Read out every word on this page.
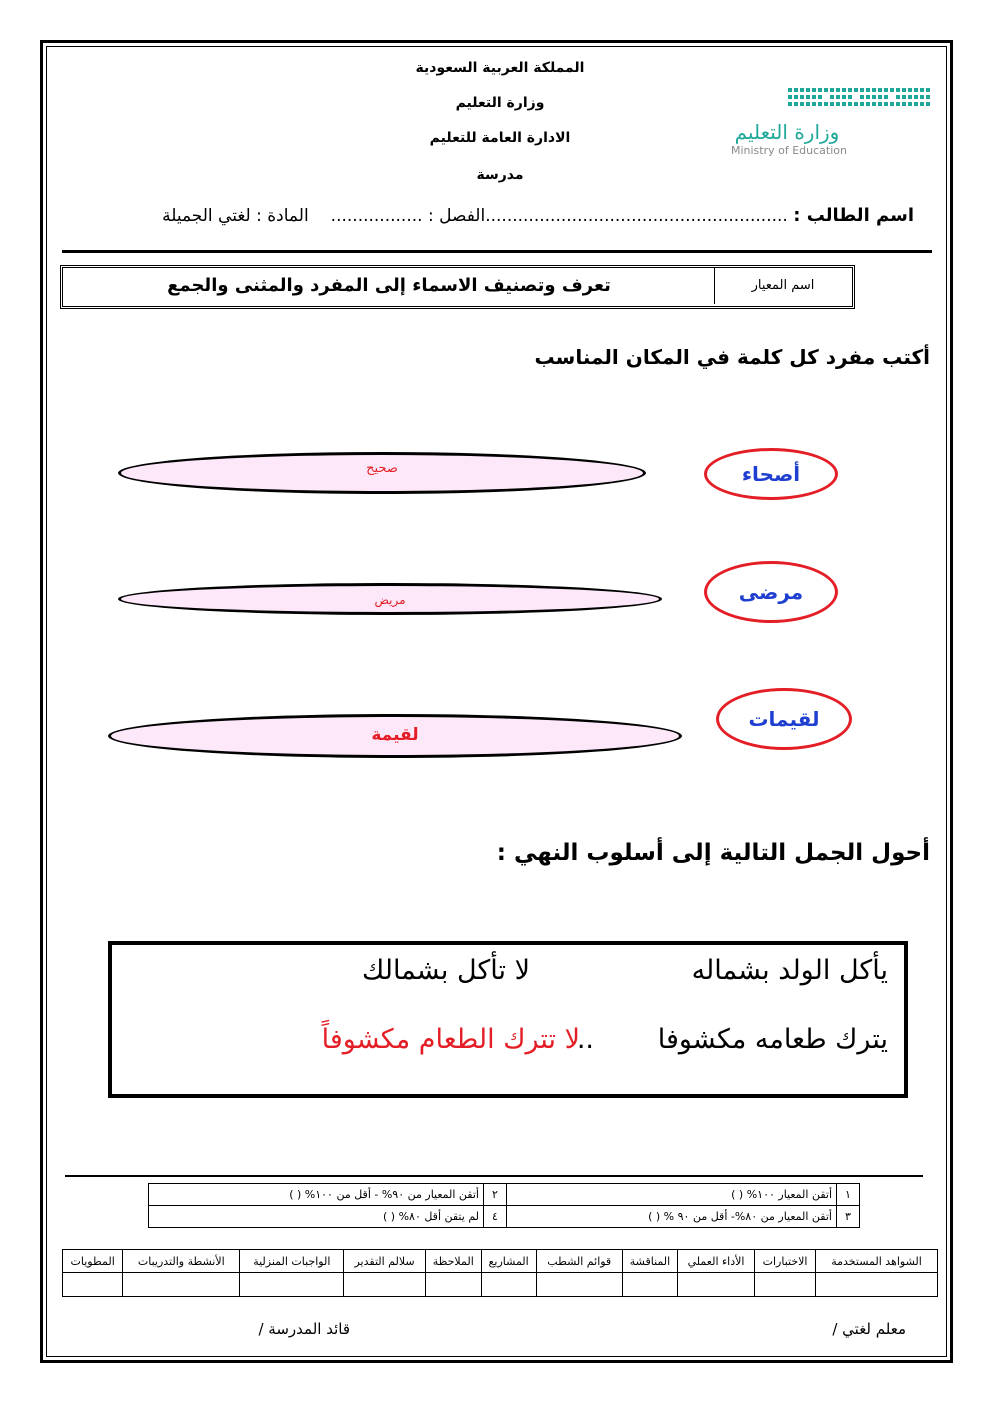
المملكة العربية السعودية
وزارة التعليم
الادارة العامة للتعليم
مدرسة
وزارة التعليم
Ministry of Education
اسم الطالب : ........................................................الفصل : .................المادة : لغتي الجميلة
تعرف وتصنيف الاسماء إلى المفرد والمثنى والجمع	اسم المعيار
أكتب مفرد كل كلمة في المكان المناسب
أصحاء
صحيح
مرضى
مريض
لقيمات
لقيمة
أحول الجمل التالية إلى أسلوب النهي :
يأكل الولد بشماله
لا تأكل بشمالك
يترك طعامه مكشوفا
..
لا تترك الطعام مكشوفاً
أتقن المعيار من ٩٠% - أقل من ١٠٠% ( )	٢	أتقن المعيار ١٠٠% ( )	١
لم يتقن أقل ٨٠% ( )	٤	أتقن المعيار من ٨٠%- أقل من ٩٠ % ( )	٣
الشواهد المستخدمة	الاختبارات	الأداء العملي	المناقشة	قوائم الشطب	المشاريع	الملاحظة	سلالم التقدير	الواجبات المنزلية	الأنشطة والتدريبات	المطويات

معلم لغتي /
قائد المدرسة /
